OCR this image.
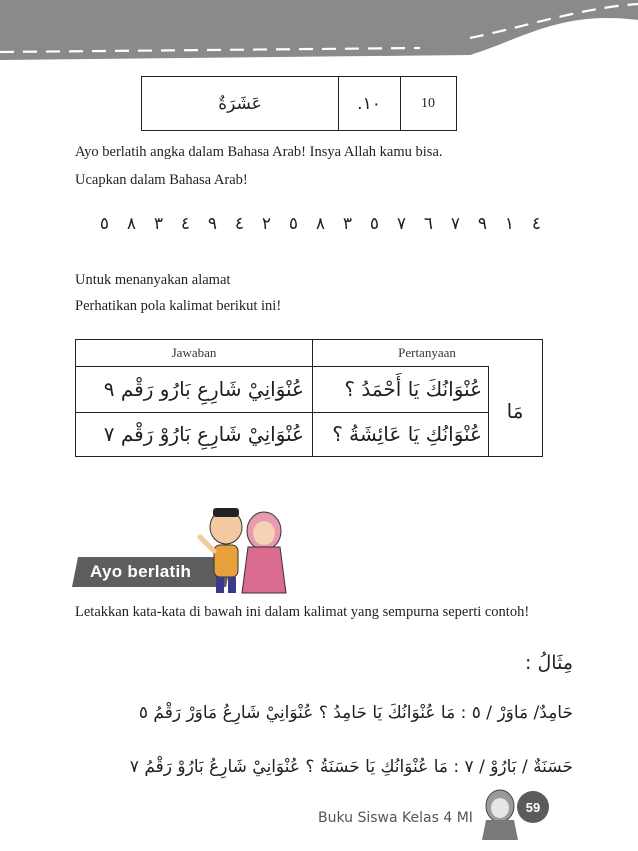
عَشَرَةٌ	١٠.	10
Ayo berlatih angka dalam Bahasa Arab! Insya Allah kamu bisa.
Ucapkan dalam Bahasa Arab!
٤
١
٩
٧
٦
٧
٥
٣
٨
٥
٢
٤
٩
٤
٣
٨
٥
Untuk menanyakan alamat
Perhatikan pola kalimat berikut ini!
Jawaban	Pertanyaan
عُنْوَانِيْ شَارِعِ بَارُو رَقْم ٩	عُنْوَانُكَ يَا أَحْمَدُ ؟
عُنْوَانِيْ شَارِعِ بَارُوْ رَقْم ٧	عُنْوَانُكِ يَا عَائِشَةُ ؟
مَا
Ayo berlatih
Letakkan kata-kata di bawah ini dalam kalimat yang sempurna seperti contoh!
مِثَالُ :
حَامِدٌ/ مَاوَرْ / ٥ : مَا عُنْوَانُكَ يَا حَامِدُ ؟ عُنْوَانِيْ شَارِعُ مَاوَرْ رَقْمُ ٥
حَسَنَةٌ / بَارُوْ / ٧ : مَا عُنْوَانُكِ يَا حَسَنَةُ ؟ عُنْوَانِيْ شَارِعُ بَارُوْ رَقْمُ ٧
Buku Siswa Kelas 4 MI
59
